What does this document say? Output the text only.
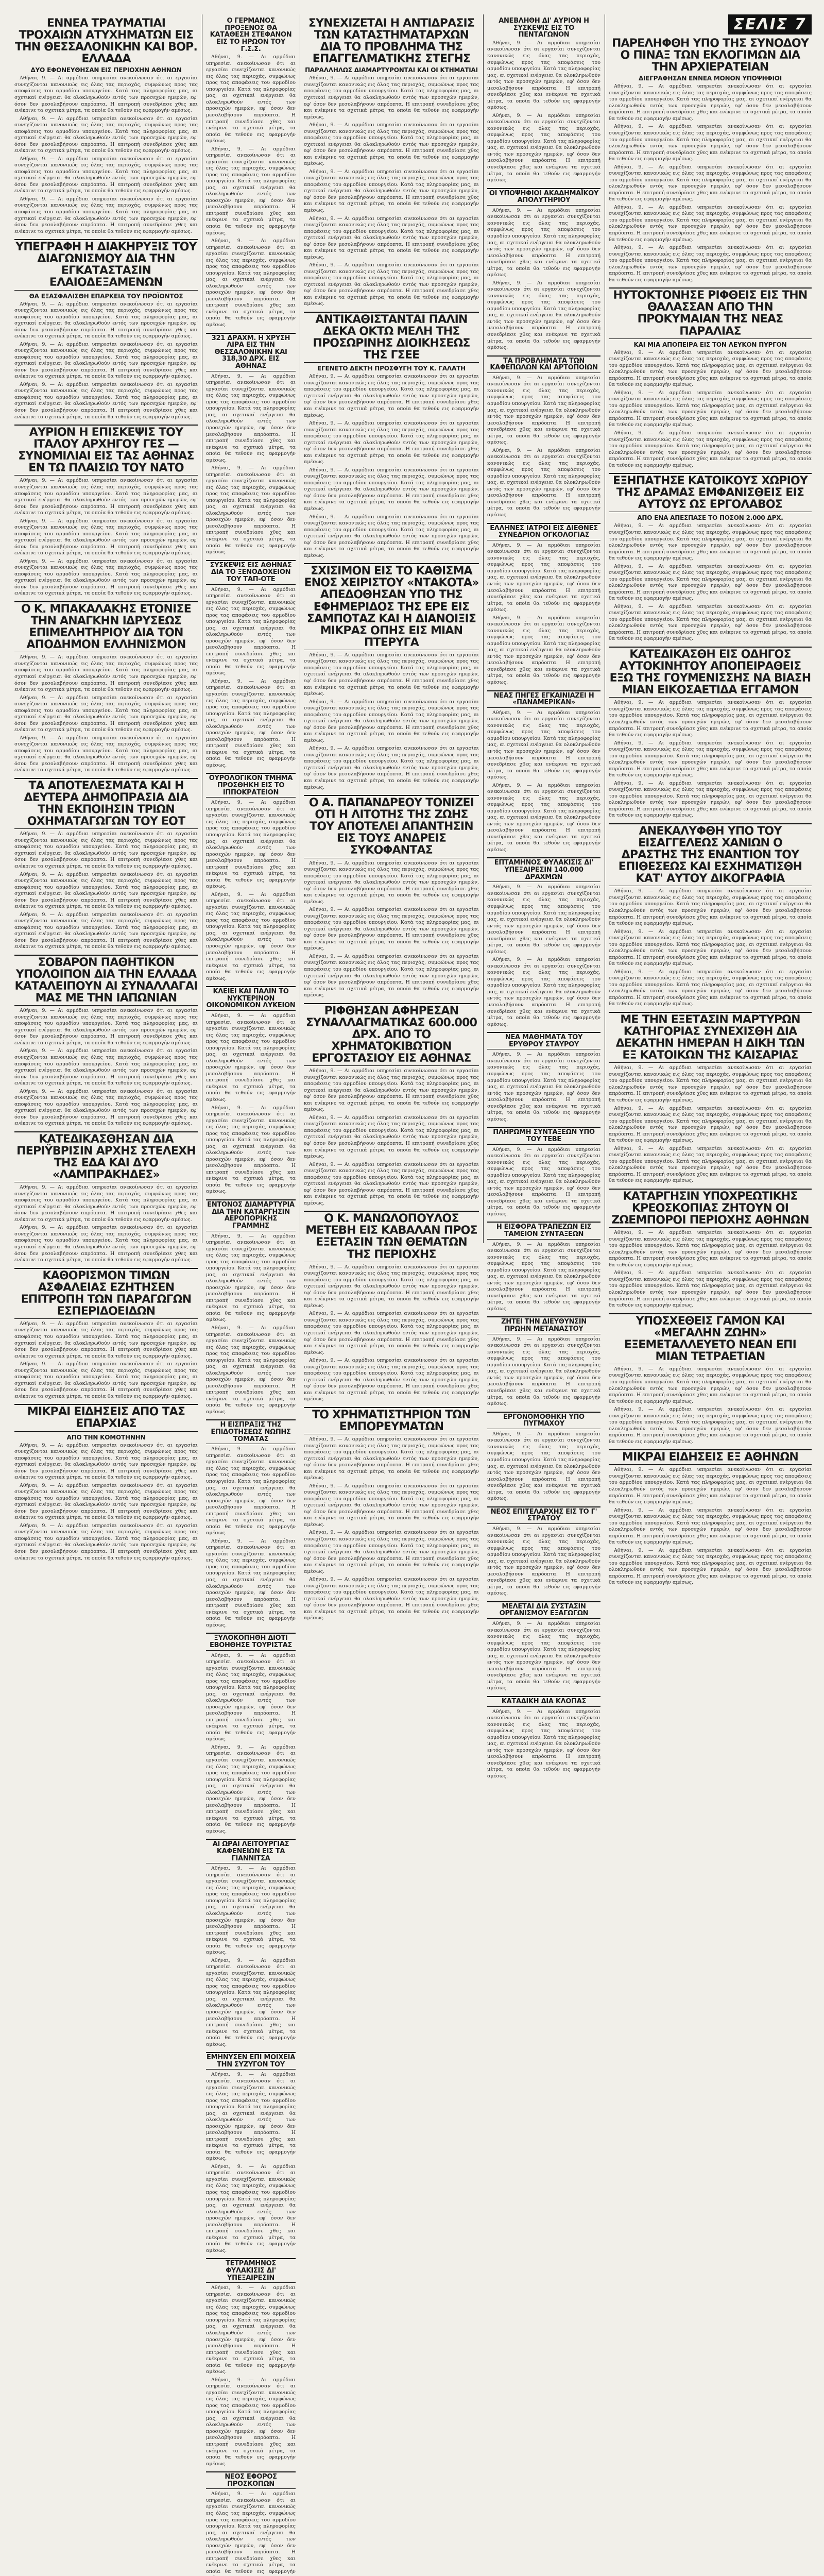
ΕΝΝΕΑ ΤΡΑΥΜΑΤΙΑΙ ΤΡΟΧΑΙΩΝ ΑΤΥΧΗΜΑΤΩΝ ΕΙΣ ΤΗΝ ΘΕΣΣΑΛΟΝΙΚΗΝ ΚΑΙ ΒΟΡ. ΕΛΛΑΔΑ
ΔΥΟ ΕΦΟΝΕΥΘΗΣΑΝ ΕΙΣ ΠΕΡΙΟΧΗΝ ΑΘΗΝΩΝ

Αθήναι, 9. — Αι αρμόδιαι υπηρεσίαι ανεκοίνωσαν ότι αι εργασίαι συνεχίζονται κανονικώς εις όλας τας περιοχάς, συμφώνως προς τας αποφάσεις του αρμοδίου υπουργείου. Κατά τας πληροφορίας μας, αι σχετικαί ενέργειαι θα ολοκληρωθούν εντός των προσεχών ημερών, εφ' όσον δεν μεσολαβήσουν απρόοπτα. Η επιτροπή συνεδρίασε χθες και ενέκρινε τα σχετικά μέτρα, τα οποία θα τεθούν εις εφαρμογήν αμέσως.

Αθήναι, 9. — Αι αρμόδιαι υπηρεσίαι ανεκοίνωσαν ότι αι εργασίαι συνεχίζονται κανονικώς εις όλας τας περιοχάς, συμφώνως προς τας αποφάσεις του αρμοδίου υπουργείου. Κατά τας πληροφορίας μας, αι σχετικαί ενέργειαι θα ολοκληρωθούν εντός των προσεχών ημερών, εφ' όσον δεν μεσολαβήσουν απρόοπτα. Η επιτροπή συνεδρίασε χθες και ενέκρινε τα σχετικά μέτρα, τα οποία θα τεθούν εις εφαρμογήν αμέσως.

Αθήναι, 9. — Αι αρμόδιαι υπηρεσίαι ανεκοίνωσαν ότι αι εργασίαι συνεχίζονται κανονικώς εις όλας τας περιοχάς, συμφώνως προς τας αποφάσεις του αρμοδίου υπουργείου. Κατά τας πληροφορίας μας, αι σχετικαί ενέργειαι θα ολοκληρωθούν εντός των προσεχών ημερών, εφ' όσον δεν μεσολαβήσουν απρόοπτα. Η επιτροπή συνεδρίασε χθες και ενέκρινε τα σχετικά μέτρα, τα οποία θα τεθούν εις εφαρμογήν αμέσως.

Αθήναι, 9. — Αι αρμόδιαι υπηρεσίαι ανεκοίνωσαν ότι αι εργασίαι συνεχίζονται κανονικώς εις όλας τας περιοχάς, συμφώνως προς τας αποφάσεις του αρμοδίου υπουργείου. Κατά τας πληροφορίας μας, αι σχετικαί ενέργειαι θα ολοκληρωθούν εντός των προσεχών ημερών, εφ' όσον δεν μεσολαβήσουν απρόοπτα. Η επιτροπή συνεδρίασε χθες και ενέκρινε τα σχετικά μέτρα, τα οποία θα τεθούν εις εφαρμογήν αμέσως.

ΥΠΕΓΡΑΦΗ Η ΔΙΑΚΗΡΥΞΙΣ ΤΟΥ ΔΙΑΓΩΝΙΣΜΟΥ ΔΙΑ ΤΗΝ ΕΓΚΑΤΑΣΤΑΣΙΝ ΕΛΑΙΟΔΕΞΑΜΕΝΩΝ
ΘΑ ΕΞΑΣΦΑΛΙΣΘΗ ΕΠΑΡΚΕΙΑ ΤΟΥ ΠΡΟΪΟΝΤΟΣ

Αθήναι, 9. — Αι αρμόδιαι υπηρεσίαι ανεκοίνωσαν ότι αι εργασίαι συνεχίζονται κανονικώς εις όλας τας περιοχάς, συμφώνως προς τας αποφάσεις του αρμοδίου υπουργείου. Κατά τας πληροφορίας μας, αι σχετικαί ενέργειαι θα ολοκληρωθούν εντός των προσεχών ημερών, εφ' όσον δεν μεσολαβήσουν απρόοπτα. Η επιτροπή συνεδρίασε χθες και ενέκρινε τα σχετικά μέτρα, τα οποία θα τεθούν εις εφαρμογήν αμέσως.

Αθήναι, 9. — Αι αρμόδιαι υπηρεσίαι ανεκοίνωσαν ότι αι εργασίαι συνεχίζονται κανονικώς εις όλας τας περιοχάς, συμφώνως προς τας αποφάσεις του αρμοδίου υπουργείου. Κατά τας πληροφορίας μας, αι σχετικαί ενέργειαι θα ολοκληρωθούν εντός των προσεχών ημερών, εφ' όσον δεν μεσολαβήσουν απρόοπτα. Η επιτροπή συνεδρίασε χθες και ενέκρινε τα σχετικά μέτρα, τα οποία θα τεθούν εις εφαρμογήν αμέσως.

Αθήναι, 9. — Αι αρμόδιαι υπηρεσίαι ανεκοίνωσαν ότι αι εργασίαι συνεχίζονται κανονικώς εις όλας τας περιοχάς, συμφώνως προς τας αποφάσεις του αρμοδίου υπουργείου. Κατά τας πληροφορίας μας, αι σχετικαί ενέργειαι θα ολοκληρωθούν εντός των προσεχών ημερών, εφ' όσον δεν μεσολαβήσουν απρόοπτα. Η επιτροπή συνεδρίασε χθες και ενέκρινε τα σχετικά μέτρα, τα οποία θα τεθούν εις εφαρμογήν αμέσως.

ΑΥΡΙΟΝ Η ΕΠΙΣΚΕΨΙΣ ΤΟΥ ΙΤΑΛΟΥ ΑΡΧΗΓΟΥ ΓΕΣ — ΣΥΝΟΜΙΛΙΑΙ ΕΙΣ ΤΑΣ ΑΘΗΝΑΣ ΕΝ ΤΩ ΠΛΑΙΣΙΩ ΤΟΥ ΝΑΤΟ

Αθήναι, 9. — Αι αρμόδιαι υπηρεσίαι ανεκοίνωσαν ότι αι εργασίαι συνεχίζονται κανονικώς εις όλας τας περιοχάς, συμφώνως προς τας αποφάσεις του αρμοδίου υπουργείου. Κατά τας πληροφορίας μας, αι σχετικαί ενέργειαι θα ολοκληρωθούν εντός των προσεχών ημερών, εφ' όσον δεν μεσολαβήσουν απρόοπτα. Η επιτροπή συνεδρίασε χθες και ενέκρινε τα σχετικά μέτρα, τα οποία θα τεθούν εις εφαρμογήν αμέσως.

Αθήναι, 9. — Αι αρμόδιαι υπηρεσίαι ανεκοίνωσαν ότι αι εργασίαι συνεχίζονται κανονικώς εις όλας τας περιοχάς, συμφώνως προς τας αποφάσεις του αρμοδίου υπουργείου. Κατά τας πληροφορίας μας, αι σχετικαί ενέργειαι θα ολοκληρωθούν εντός των προσεχών ημερών, εφ' όσον δεν μεσολαβήσουν απρόοπτα. Η επιτροπή συνεδρίασε χθες και ενέκρινε τα σχετικά μέτρα, τα οποία θα τεθούν εις εφαρμογήν αμέσως.

Αθήναι, 9. — Αι αρμόδιαι υπηρεσίαι ανεκοίνωσαν ότι αι εργασίαι συνεχίζονται κανονικώς εις όλας τας περιοχάς, συμφώνως προς τας αποφάσεις του αρμοδίου υπουργείου. Κατά τας πληροφορίας μας, αι σχετικαί ενέργειαι θα ολοκληρωθούν εντός των προσεχών ημερών, εφ' όσον δεν μεσολαβήσουν απρόοπτα. Η επιτροπή συνεδρίασε χθες και ενέκρινε τα σχετικά μέτρα, τα οποία θα τεθούν εις εφαρμογήν αμέσως.

Ο Κ. ΜΠΑΚΑΛΑΚΗΣ ΕΤΟΝΙΣΕ ΤΗΝ ΑΝΑΓΚΗΝ ΙΔΡΥΣΕΩΣ ΕΠΙΜΕΛΗΤΗΡΙΟΥ ΔΙΑ ΤΟΝ ΑΠΟΔΗΜΟΝ ΕΛΛΗΝΙΣΜΟΝ

Αθήναι, 9. — Αι αρμόδιαι υπηρεσίαι ανεκοίνωσαν ότι αι εργασίαι συνεχίζονται κανονικώς εις όλας τας περιοχάς, συμφώνως προς τας αποφάσεις του αρμοδίου υπουργείου. Κατά τας πληροφορίας μας, αι σχετικαί ενέργειαι θα ολοκληρωθούν εντός των προσεχών ημερών, εφ' όσον δεν μεσολαβήσουν απρόοπτα. Η επιτροπή συνεδρίασε χθες και ενέκρινε τα σχετικά μέτρα, τα οποία θα τεθούν εις εφαρμογήν αμέσως.

Αθήναι, 9. — Αι αρμόδιαι υπηρεσίαι ανεκοίνωσαν ότι αι εργασίαι συνεχίζονται κανονικώς εις όλας τας περιοχάς, συμφώνως προς τας αποφάσεις του αρμοδίου υπουργείου. Κατά τας πληροφορίας μας, αι σχετικαί ενέργειαι θα ολοκληρωθούν εντός των προσεχών ημερών, εφ' όσον δεν μεσολαβήσουν απρόοπτα. Η επιτροπή συνεδρίασε χθες και ενέκρινε τα σχετικά μέτρα, τα οποία θα τεθούν εις εφαρμογήν αμέσως.

Αθήναι, 9. — Αι αρμόδιαι υπηρεσίαι ανεκοίνωσαν ότι αι εργασίαι συνεχίζονται κανονικώς εις όλας τας περιοχάς, συμφώνως προς τας αποφάσεις του αρμοδίου υπουργείου. Κατά τας πληροφορίας μας, αι σχετικαί ενέργειαι θα ολοκληρωθούν εντός των προσεχών ημερών, εφ' όσον δεν μεσολαβήσουν απρόοπτα. Η επιτροπή συνεδρίασε χθες και ενέκρινε τα σχετικά μέτρα, τα οποία θα τεθούν εις εφαρμογήν αμέσως.

ΤΑ ΑΠΟΤΕΛΕΣΜΑΤΑ ΚΑΙ Η ΔΕΥΤΕΡΑ ΔΗΜΟΠΡΑΣΙΑ ΔΙΑ ΤΗΝ ΕΚΠΟΙΗΣΙΝ ΤΡΙΩΝ ΟΧΗΜΑΤΑΓΩΓΩΝ ΤΟΥ ΕΟΤ

Αθήναι, 9. — Αι αρμόδιαι υπηρεσίαι ανεκοίνωσαν ότι αι εργασίαι συνεχίζονται κανονικώς εις όλας τας περιοχάς, συμφώνως προς τας αποφάσεις του αρμοδίου υπουργείου. Κατά τας πληροφορίας μας, αι σχετικαί ενέργειαι θα ολοκληρωθούν εντός των προσεχών ημερών, εφ' όσον δεν μεσολαβήσουν απρόοπτα. Η επιτροπή συνεδρίασε χθες και ενέκρινε τα σχετικά μέτρα, τα οποία θα τεθούν εις εφαρμογήν αμέσως.

Αθήναι, 9. — Αι αρμόδιαι υπηρεσίαι ανεκοίνωσαν ότι αι εργασίαι συνεχίζονται κανονικώς εις όλας τας περιοχάς, συμφώνως προς τας αποφάσεις του αρμοδίου υπουργείου. Κατά τας πληροφορίας μας, αι σχετικαί ενέργειαι θα ολοκληρωθούν εντός των προσεχών ημερών, εφ' όσον δεν μεσολαβήσουν απρόοπτα. Η επιτροπή συνεδρίασε χθες και ενέκρινε τα σχετικά μέτρα, τα οποία θα τεθούν εις εφαρμογήν αμέσως.

Αθήναι, 9. — Αι αρμόδιαι υπηρεσίαι ανεκοίνωσαν ότι αι εργασίαι συνεχίζονται κανονικώς εις όλας τας περιοχάς, συμφώνως προς τας αποφάσεις του αρμοδίου υπουργείου. Κατά τας πληροφορίας μας, αι σχετικαί ενέργειαι θα ολοκληρωθούν εντός των προσεχών ημερών, εφ' όσον δεν μεσολαβήσουν απρόοπτα. Η επιτροπή συνεδρίασε χθες και ενέκρινε τα σχετικά μέτρα, τα οποία θα τεθούν εις εφαρμογήν αμέσως.

ΣΟΒΑΡΟΝ ΠΑΘΗΤΙΚΟΝ ΥΠΟΛΟΙΠΟΝ ΔΙΑ ΤΗΝ ΕΛΛΑΔΑ ΚΑΤΑΛΕΙΠΟΥΝ ΑΙ ΣΥΝΑΛΛΑΓΑΙ ΜΑΣ ΜΕ ΤΗΝ ΙΑΠΩΝΙΑΝ

Αθήναι, 9. — Αι αρμόδιαι υπηρεσίαι ανεκοίνωσαν ότι αι εργασίαι συνεχίζονται κανονικώς εις όλας τας περιοχάς, συμφώνως προς τας αποφάσεις του αρμοδίου υπουργείου. Κατά τας πληροφορίας μας, αι σχετικαί ενέργειαι θα ολοκληρωθούν εντός των προσεχών ημερών, εφ' όσον δεν μεσολαβήσουν απρόοπτα. Η επιτροπή συνεδρίασε χθες και ενέκρινε τα σχετικά μέτρα, τα οποία θα τεθούν εις εφαρμογήν αμέσως.

Αθήναι, 9. — Αι αρμόδιαι υπηρεσίαι ανεκοίνωσαν ότι αι εργασίαι συνεχίζονται κανονικώς εις όλας τας περιοχάς, συμφώνως προς τας αποφάσεις του αρμοδίου υπουργείου. Κατά τας πληροφορίας μας, αι σχετικαί ενέργειαι θα ολοκληρωθούν εντός των προσεχών ημερών, εφ' όσον δεν μεσολαβήσουν απρόοπτα. Η επιτροπή συνεδρίασε χθες και ενέκρινε τα σχετικά μέτρα, τα οποία θα τεθούν εις εφαρμογήν αμέσως.

Αθήναι, 9. — Αι αρμόδιαι υπηρεσίαι ανεκοίνωσαν ότι αι εργασίαι συνεχίζονται κανονικώς εις όλας τας περιοχάς, συμφώνως προς τας αποφάσεις του αρμοδίου υπουργείου. Κατά τας πληροφορίας μας, αι σχετικαί ενέργειαι θα ολοκληρωθούν εντός των προσεχών ημερών, εφ' όσον δεν μεσολαβήσουν απρόοπτα. Η επιτροπή συνεδρίασε χθες και ενέκρινε τα σχετικά μέτρα, τα οποία θα τεθούν εις εφαρμογήν αμέσως.

ΚΑΤΕΔΙΚΑΣΘΗΣΑΝ ΔΙΑ ΠΕΡΙΫΒΡΙΣΙΝ ΑΡΧΗΣ ΣΤΕΛΕΧΗ ΤΗΣ ΕΔΑ ΚΑΙ ΔΥΟ «ΛΑΜΠΡΑΚΗΔΕΣ»

Αθήναι, 9. — Αι αρμόδιαι υπηρεσίαι ανεκοίνωσαν ότι αι εργασίαι συνεχίζονται κανονικώς εις όλας τας περιοχάς, συμφώνως προς τας αποφάσεις του αρμοδίου υπουργείου. Κατά τας πληροφορίας μας, αι σχετικαί ενέργειαι θα ολοκληρωθούν εντός των προσεχών ημερών, εφ' όσον δεν μεσολαβήσουν απρόοπτα. Η επιτροπή συνεδρίασε χθες και ενέκρινε τα σχετικά μέτρα, τα οποία θα τεθούν εις εφαρμογήν αμέσως.

Αθήναι, 9. — Αι αρμόδιαι υπηρεσίαι ανεκοίνωσαν ότι αι εργασίαι συνεχίζονται κανονικώς εις όλας τας περιοχάς, συμφώνως προς τας αποφάσεις του αρμοδίου υπουργείου. Κατά τας πληροφορίας μας, αι σχετικαί ενέργειαι θα ολοκληρωθούν εντός των προσεχών ημερών, εφ' όσον δεν μεσολαβήσουν απρόοπτα. Η επιτροπή συνεδρίασε χθες και ενέκρινε τα σχετικά μέτρα, τα οποία θα τεθούν εις εφαρμογήν αμέσως.

ΚΑΘΟΡΙΣΜΟΝ ΤΙΜΩΝ ΑΣΦΑΛΕΙΑΣ ΕΖΗΤΗΣΕΝ ΕΠΙΤΡΟΠΗ ΤΩΝ ΠΑΡΑΓΩΓΩΝ ΕΣΠΕΡΙΔΟΕΙΔΩΝ

Αθήναι, 9. — Αι αρμόδιαι υπηρεσίαι ανεκοίνωσαν ότι αι εργασίαι συνεχίζονται κανονικώς εις όλας τας περιοχάς, συμφώνως προς τας αποφάσεις του αρμοδίου υπουργείου. Κατά τας πληροφορίας μας, αι σχετικαί ενέργειαι θα ολοκληρωθούν εντός των προσεχών ημερών, εφ' όσον δεν μεσολαβήσουν απρόοπτα. Η επιτροπή συνεδρίασε χθες και ενέκρινε τα σχετικά μέτρα, τα οποία θα τεθούν εις εφαρμογήν αμέσως.

Αθήναι, 9. — Αι αρμόδιαι υπηρεσίαι ανεκοίνωσαν ότι αι εργασίαι συνεχίζονται κανονικώς εις όλας τας περιοχάς, συμφώνως προς τας αποφάσεις του αρμοδίου υπουργείου. Κατά τας πληροφορίας μας, αι σχετικαί ενέργειαι θα ολοκληρωθούν εντός των προσεχών ημερών, εφ' όσον δεν μεσολαβήσουν απρόοπτα. Η επιτροπή συνεδρίασε χθες και ενέκρινε τα σχετικά μέτρα, τα οποία θα τεθούν εις εφαρμογήν αμέσως.

ΜΙΚΡΑΙ ΕΙΔΗΣΕΙΣ ΑΠΟ ΤΑΣ ΕΠΑΡΧΙΑΣ
ΑΠΟ ΤΗΝ ΚΟΜΟΤΗΝΗΝ

Αθήναι, 9. — Αι αρμόδιαι υπηρεσίαι ανεκοίνωσαν ότι αι εργασίαι συνεχίζονται κανονικώς εις όλας τας περιοχάς, συμφώνως προς τας αποφάσεις του αρμοδίου υπουργείου. Κατά τας πληροφορίας μας, αι σχετικαί ενέργειαι θα ολοκληρωθούν εντός των προσεχών ημερών, εφ' όσον δεν μεσολαβήσουν απρόοπτα. Η επιτροπή συνεδρίασε χθες και ενέκρινε τα σχετικά μέτρα, τα οποία θα τεθούν εις εφαρμογήν αμέσως.

Αθήναι, 9. — Αι αρμόδιαι υπηρεσίαι ανεκοίνωσαν ότι αι εργασίαι συνεχίζονται κανονικώς εις όλας τας περιοχάς, συμφώνως προς τας αποφάσεις του αρμοδίου υπουργείου. Κατά τας πληροφορίας μας, αι σχετικαί ενέργειαι θα ολοκληρωθούν εντός των προσεχών ημερών, εφ' όσον δεν μεσολαβήσουν απρόοπτα. Η επιτροπή συνεδρίασε χθες και ενέκρινε τα σχετικά μέτρα, τα οποία θα τεθούν εις εφαρμογήν αμέσως.

Αθήναι, 9. — Αι αρμόδιαι υπηρεσίαι ανεκοίνωσαν ότι αι εργασίαι συνεχίζονται κανονικώς εις όλας τας περιοχάς, συμφώνως προς τας αποφάσεις του αρμοδίου υπουργείου. Κατά τας πληροφορίας μας, αι σχετικαί ενέργειαι θα ολοκληρωθούν εντός των προσεχών ημερών, εφ' όσον δεν μεσολαβήσουν απρόοπτα. Η επιτροπή συνεδρίασε χθες και ενέκρινε τα σχετικά μέτρα, τα οποία θα τεθούν εις εφαρμογήν αμέσως.

Ο ΓΕΡΜΑΝΟΣ ΠΡΟΞΕΝΟΣ ΘΑ ΚΑΤΑΘΕΣΗ ΣΤΕΦΑΝΟΝ ΕΙΣ ΤΟ ΗΡΩΟΝ ΤΟΥ Γ.Σ.Σ.

Αθήναι, 9. — Αι αρμόδιαι υπηρεσίαι ανεκοίνωσαν ότι αι εργασίαι συνεχίζονται κανονικώς εις όλας τας περιοχάς, συμφώνως προς τας αποφάσεις του αρμοδίου υπουργείου. Κατά τας πληροφορίας μας, αι σχετικαί ενέργειαι θα ολοκληρωθούν εντός των προσεχών ημερών, εφ' όσον δεν μεσολαβήσουν απρόοπτα. Η επιτροπή συνεδρίασε χθες και ενέκρινε τα σχετικά μέτρα, τα οποία θα τεθούν εις εφαρμογήν αμέσως.

Αθήναι, 9. — Αι αρμόδιαι υπηρεσίαι ανεκοίνωσαν ότι αι εργασίαι συνεχίζονται κανονικώς εις όλας τας περιοχάς, συμφώνως προς τας αποφάσεις του αρμοδίου υπουργείου. Κατά τας πληροφορίας μας, αι σχετικαί ενέργειαι θα ολοκληρωθούν εντός των προσεχών ημερών, εφ' όσον δεν μεσολαβήσουν απρόοπτα. Η επιτροπή συνεδρίασε χθες και ενέκρινε τα σχετικά μέτρα, τα οποία θα τεθούν εις εφαρμογήν αμέσως.

Αθήναι, 9. — Αι αρμόδιαι υπηρεσίαι ανεκοίνωσαν ότι αι εργασίαι συνεχίζονται κανονικώς εις όλας τας περιοχάς, συμφώνως προς τας αποφάσεις του αρμοδίου υπουργείου. Κατά τας πληροφορίας μας, αι σχετικαί ενέργειαι θα ολοκληρωθούν εντός των προσεχών ημερών, εφ' όσον δεν μεσολαβήσουν απρόοπτα. Η επιτροπή συνεδρίασε χθες και ενέκρινε τα σχετικά μέτρα, τα οποία θα τεθούν εις εφαρμογήν αμέσως.

321 ΔΡΑΧΜ. Η ΧΡΥΣΗ ΛΙΡΑ ΕΙΣ ΤΗΝ ΘΕΣΣΑΛΟΝΙΚΗΝ ΚΑΙ 318,30 ΔΡΧ. ΕΙΣ ΑΘΗΝΑΣ

Αθήναι, 9. — Αι αρμόδιαι υπηρεσίαι ανεκοίνωσαν ότι αι εργασίαι συνεχίζονται κανονικώς εις όλας τας περιοχάς, συμφώνως προς τας αποφάσεις του αρμοδίου υπουργείου. Κατά τας πληροφορίας μας, αι σχετικαί ενέργειαι θα ολοκληρωθούν εντός των προσεχών ημερών, εφ' όσον δεν μεσολαβήσουν απρόοπτα. Η επιτροπή συνεδρίασε χθες και ενέκρινε τα σχετικά μέτρα, τα οποία θα τεθούν εις εφαρμογήν αμέσως.

Αθήναι, 9. — Αι αρμόδιαι υπηρεσίαι ανεκοίνωσαν ότι αι εργασίαι συνεχίζονται κανονικώς εις όλας τας περιοχάς, συμφώνως προς τας αποφάσεις του αρμοδίου υπουργείου. Κατά τας πληροφορίας μας, αι σχετικαί ενέργειαι θα ολοκληρωθούν εντός των προσεχών ημερών, εφ' όσον δεν μεσολαβήσουν απρόοπτα. Η επιτροπή συνεδρίασε χθες και ενέκρινε τα σχετικά μέτρα, τα οποία θα τεθούν εις εφαρμογήν αμέσως.

ΣΥΣΚΕΨΙΣ ΕΙΣ ΑΘΗΝΑΣ ΔΙΑ ΤΟ ΞΕΝΟΔΟΧΕΙΟΝ ΤΟΥ ΤΑΠ-ΟΤΕ

Αθήναι, 9. — Αι αρμόδιαι υπηρεσίαι ανεκοίνωσαν ότι αι εργασίαι συνεχίζονται κανονικώς εις όλας τας περιοχάς, συμφώνως προς τας αποφάσεις του αρμοδίου υπουργείου. Κατά τας πληροφορίας μας, αι σχετικαί ενέργειαι θα ολοκληρωθούν εντός των προσεχών ημερών, εφ' όσον δεν μεσολαβήσουν απρόοπτα. Η επιτροπή συνεδρίασε χθες και ενέκρινε τα σχετικά μέτρα, τα οποία θα τεθούν εις εφαρμογήν αμέσως.

Αθήναι, 9. — Αι αρμόδιαι υπηρεσίαι ανεκοίνωσαν ότι αι εργασίαι συνεχίζονται κανονικώς εις όλας τας περιοχάς, συμφώνως προς τας αποφάσεις του αρμοδίου υπουργείου. Κατά τας πληροφορίας μας, αι σχετικαί ενέργειαι θα ολοκληρωθούν εντός των προσεχών ημερών, εφ' όσον δεν μεσολαβήσουν απρόοπτα. Η επιτροπή συνεδρίασε χθες και ενέκρινε τα σχετικά μέτρα, τα οποία θα τεθούν εις εφαρμογήν αμέσως.

ΟΥΡΟΛΟΓΙΚΟΝ ΤΜΗΜΑ ΠΡΟΣΘΗΚΗ ΕΙΣ ΤΟ ΙΠΠΟΚΡΑΤΕΙΟΝ

Αθήναι, 9. — Αι αρμόδιαι υπηρεσίαι ανεκοίνωσαν ότι αι εργασίαι συνεχίζονται κανονικώς εις όλας τας περιοχάς, συμφώνως προς τας αποφάσεις του αρμοδίου υπουργείου. Κατά τας πληροφορίας μας, αι σχετικαί ενέργειαι θα ολοκληρωθούν εντός των προσεχών ημερών, εφ' όσον δεν μεσολαβήσουν απρόοπτα. Η επιτροπή συνεδρίασε χθες και ενέκρινε τα σχετικά μέτρα, τα οποία θα τεθούν εις εφαρμογήν αμέσως.

Αθήναι, 9. — Αι αρμόδιαι υπηρεσίαι ανεκοίνωσαν ότι αι εργασίαι συνεχίζονται κανονικώς εις όλας τας περιοχάς, συμφώνως προς τας αποφάσεις του αρμοδίου υπουργείου. Κατά τας πληροφορίας μας, αι σχετικαί ενέργειαι θα ολοκληρωθούν εντός των προσεχών ημερών, εφ' όσον δεν μεσολαβήσουν απρόοπτα. Η επιτροπή συνεδρίασε χθες και ενέκρινε τα σχετικά μέτρα, τα οποία θα τεθούν εις εφαρμογήν αμέσως.

ΚΛΕΙΕΙ ΚΑΙ ΠΑΛΙΝ ΤΟ ΝΥΚΤΕΡΙΝΟΝ ΟΙΚΟΝΟΜΙΚΟΝ ΛΥΚΕΙΟΝ

Αθήναι, 9. — Αι αρμόδιαι υπηρεσίαι ανεκοίνωσαν ότι αι εργασίαι συνεχίζονται κανονικώς εις όλας τας περιοχάς, συμφώνως προς τας αποφάσεις του αρμοδίου υπουργείου. Κατά τας πληροφορίας μας, αι σχετικαί ενέργειαι θα ολοκληρωθούν εντός των προσεχών ημερών, εφ' όσον δεν μεσολαβήσουν απρόοπτα. Η επιτροπή συνεδρίασε χθες και ενέκρινε τα σχετικά μέτρα, τα οποία θα τεθούν εις εφαρμογήν αμέσως.

Αθήναι, 9. — Αι αρμόδιαι υπηρεσίαι ανεκοίνωσαν ότι αι εργασίαι συνεχίζονται κανονικώς εις όλας τας περιοχάς, συμφώνως προς τας αποφάσεις του αρμοδίου υπουργείου. Κατά τας πληροφορίας μας, αι σχετικαί ενέργειαι θα ολοκληρωθούν εντός των προσεχών ημερών, εφ' όσον δεν μεσολαβήσουν απρόοπτα. Η επιτροπή συνεδρίασε χθες και ενέκρινε τα σχετικά μέτρα, τα οποία θα τεθούν εις εφαρμογήν αμέσως.

ΕΝΤΟΝΟΣ ΔΙΑΜΑΡΤΥΡΙΑ ΔΙΑ ΤΗΝ ΚΑΤΑΡΓΗΣΙΝ ΑΕΡΟΠΟΡΙΚΗΣ ΓΡΑΜΜΗΣ

Αθήναι, 9. — Αι αρμόδιαι υπηρεσίαι ανεκοίνωσαν ότι αι εργασίαι συνεχίζονται κανονικώς εις όλας τας περιοχάς, συμφώνως προς τας αποφάσεις του αρμοδίου υπουργείου. Κατά τας πληροφορίας μας, αι σχετικαί ενέργειαι θα ολοκληρωθούν εντός των προσεχών ημερών, εφ' όσον δεν μεσολαβήσουν απρόοπτα. Η επιτροπή συνεδρίασε χθες και ενέκρινε τα σχετικά μέτρα, τα οποία θα τεθούν εις εφαρμογήν αμέσως.

Αθήναι, 9. — Αι αρμόδιαι υπηρεσίαι ανεκοίνωσαν ότι αι εργασίαι συνεχίζονται κανονικώς εις όλας τας περιοχάς, συμφώνως προς τας αποφάσεις του αρμοδίου υπουργείου. Κατά τας πληροφορίας μας, αι σχετικαί ενέργειαι θα ολοκληρωθούν εντός των προσεχών ημερών, εφ' όσον δεν μεσολαβήσουν απρόοπτα. Η επιτροπή συνεδρίασε χθες και ενέκρινε τα σχετικά μέτρα, τα οποία θα τεθούν εις εφαρμογήν αμέσως.

Η ΕΙΣΠΡΑΞΙΣ ΤΗΣ ΕΠΙΔΟΤΗΣΕΩΣ ΝΩΠΗΣ ΤΟΜΑΤΑΣ

Αθήναι, 9. — Αι αρμόδιαι υπηρεσίαι ανεκοίνωσαν ότι αι εργασίαι συνεχίζονται κανονικώς εις όλας τας περιοχάς, συμφώνως προς τας αποφάσεις του αρμοδίου υπουργείου. Κατά τας πληροφορίας μας, αι σχετικαί ενέργειαι θα ολοκληρωθούν εντός των προσεχών ημερών, εφ' όσον δεν μεσολαβήσουν απρόοπτα. Η επιτροπή συνεδρίασε χθες και ενέκρινε τα σχετικά μέτρα, τα οποία θα τεθούν εις εφαρμογήν αμέσως.

Αθήναι, 9. — Αι αρμόδιαι υπηρεσίαι ανεκοίνωσαν ότι αι εργασίαι συνεχίζονται κανονικώς εις όλας τας περιοχάς, συμφώνως προς τας αποφάσεις του αρμοδίου υπουργείου. Κατά τας πληροφορίας μας, αι σχετικαί ενέργειαι θα ολοκληρωθούν εντός των προσεχών ημερών, εφ' όσον δεν μεσολαβήσουν απρόοπτα. Η επιτροπή συνεδρίασε χθες και ενέκρινε τα σχετικά μέτρα, τα οποία θα τεθούν εις εφαρμογήν αμέσως.

ΞΥΛΟΚΟΠΗΘΗ ΔΙΟΤΙ ΕΒΟΗΘΗΣΕ ΤΟΥΡΙΣΤΑΣ

Αθήναι, 9. — Αι αρμόδιαι υπηρεσίαι ανεκοίνωσαν ότι αι εργασίαι συνεχίζονται κανονικώς εις όλας τας περιοχάς, συμφώνως προς τας αποφάσεις του αρμοδίου υπουργείου. Κατά τας πληροφορίας μας, αι σχετικαί ενέργειαι θα ολοκληρωθούν εντός των προσεχών ημερών, εφ' όσον δεν μεσολαβήσουν απρόοπτα. Η επιτροπή συνεδρίασε χθες και ενέκρινε τα σχετικά μέτρα, τα οποία θα τεθούν εις εφαρμογήν αμέσως.

Αθήναι, 9. — Αι αρμόδιαι υπηρεσίαι ανεκοίνωσαν ότι αι εργασίαι συνεχίζονται κανονικώς εις όλας τας περιοχάς, συμφώνως προς τας αποφάσεις του αρμοδίου υπουργείου. Κατά τας πληροφορίας μας, αι σχετικαί ενέργειαι θα ολοκληρωθούν εντός των προσεχών ημερών, εφ' όσον δεν μεσολαβήσουν απρόοπτα. Η επιτροπή συνεδρίασε χθες και ενέκρινε τα σχετικά μέτρα, τα οποία θα τεθούν εις εφαρμογήν αμέσως.

ΑΙ ΩΡΑΙ ΛΕΙΤΟΥΡΓΙΑΣ ΚΑΦΕΝΕΙΩΝ ΕΙΣ ΤΑ ΓΙΑΝΝΙΤΣΑ

Αθήναι, 9. — Αι αρμόδιαι υπηρεσίαι ανεκοίνωσαν ότι αι εργασίαι συνεχίζονται κανονικώς εις όλας τας περιοχάς, συμφώνως προς τας αποφάσεις του αρμοδίου υπουργείου. Κατά τας πληροφορίας μας, αι σχετικαί ενέργειαι θα ολοκληρωθούν εντός των προσεχών ημερών, εφ' όσον δεν μεσολαβήσουν απρόοπτα. Η επιτροπή συνεδρίασε χθες και ενέκρινε τα σχετικά μέτρα, τα οποία θα τεθούν εις εφαρμογήν αμέσως.

Αθήναι, 9. — Αι αρμόδιαι υπηρεσίαι ανεκοίνωσαν ότι αι εργασίαι συνεχίζονται κανονικώς εις όλας τας περιοχάς, συμφώνως προς τας αποφάσεις του αρμοδίου υπουργείου. Κατά τας πληροφορίας μας, αι σχετικαί ενέργειαι θα ολοκληρωθούν εντός των προσεχών ημερών, εφ' όσον δεν μεσολαβήσουν απρόοπτα. Η επιτροπή συνεδρίασε χθες και ενέκρινε τα σχετικά μέτρα, τα οποία θα τεθούν εις εφαρμογήν αμέσως.

ΕΜΗΝΥΣΕΝ ΕΠΙ ΜΟΙΧΕΙΑ ΤΗΝ ΣΥΖΥΓΟΝ ΤΟΥ

Αθήναι, 9. — Αι αρμόδιαι υπηρεσίαι ανεκοίνωσαν ότι αι εργασίαι συνεχίζονται κανονικώς εις όλας τας περιοχάς, συμφώνως προς τας αποφάσεις του αρμοδίου υπουργείου. Κατά τας πληροφορίας μας, αι σχετικαί ενέργειαι θα ολοκληρωθούν εντός των προσεχών ημερών, εφ' όσον δεν μεσολαβήσουν απρόοπτα. Η επιτροπή συνεδρίασε χθες και ενέκρινε τα σχετικά μέτρα, τα οποία θα τεθούν εις εφαρμογήν αμέσως.

Αθήναι, 9. — Αι αρμόδιαι υπηρεσίαι ανεκοίνωσαν ότι αι εργασίαι συνεχίζονται κανονικώς εις όλας τας περιοχάς, συμφώνως προς τας αποφάσεις του αρμοδίου υπουργείου. Κατά τας πληροφορίας μας, αι σχετικαί ενέργειαι θα ολοκληρωθούν εντός των προσεχών ημερών, εφ' όσον δεν μεσολαβήσουν απρόοπτα. Η επιτροπή συνεδρίασε χθες και ενέκρινε τα σχετικά μέτρα, τα οποία θα τεθούν εις εφαρμογήν αμέσως.

ΤΕΤΡΑΜΗΝΟΣ ΦΥΛΑΚΙΣΙΣ ΔΙ' ΥΠΕΞΑΙΡΕΣΙΝ

Αθήναι, 9. — Αι αρμόδιαι υπηρεσίαι ανεκοίνωσαν ότι αι εργασίαι συνεχίζονται κανονικώς εις όλας τας περιοχάς, συμφώνως προς τας αποφάσεις του αρμοδίου υπουργείου. Κατά τας πληροφορίας μας, αι σχετικαί ενέργειαι θα ολοκληρωθούν εντός των προσεχών ημερών, εφ' όσον δεν μεσολαβήσουν απρόοπτα. Η επιτροπή συνεδρίασε χθες και ενέκρινε τα σχετικά μέτρα, τα οποία θα τεθούν εις εφαρμογήν αμέσως.

Αθήναι, 9. — Αι αρμόδιαι υπηρεσίαι ανεκοίνωσαν ότι αι εργασίαι συνεχίζονται κανονικώς εις όλας τας περιοχάς, συμφώνως προς τας αποφάσεις του αρμοδίου υπουργείου. Κατά τας πληροφορίας μας, αι σχετικαί ενέργειαι θα ολοκληρωθούν εντός των προσεχών ημερών, εφ' όσον δεν μεσολαβήσουν απρόοπτα. Η επιτροπή συνεδρίασε χθες και ενέκρινε τα σχετικά μέτρα, τα οποία θα τεθούν εις εφαρμογήν αμέσως.

ΝΕΟΣ ΕΦΟΡΟΣ ΠΡΟΣΚΟΠΩΝ

Αθήναι, 9. — Αι αρμόδιαι υπηρεσίαι ανεκοίνωσαν ότι αι εργασίαι συνεχίζονται κανονικώς εις όλας τας περιοχάς, συμφώνως προς τας αποφάσεις του αρμοδίου υπουργείου. Κατά τας πληροφορίας μας, αι σχετικαί ενέργειαι θα ολοκληρωθούν εντός των προσεχών ημερών, εφ' όσον δεν μεσολαβήσουν απρόοπτα. Η επιτροπή συνεδρίασε χθες και ενέκρινε τα σχετικά μέτρα, τα οποία θα τεθούν εις εφαρμογήν

ΣΥΝΕΧΙΖΕΤΑΙ Η ΑΝΤΙΔΡΑΣΙΣ ΤΩΝ ΚΑΤΑΣΤΗΜΑΤΑΡΧΩΝ ΔΙΑ ΤΟ ΠΡΟΒΛΗΜΑ ΤΗΣ ΕΠΑΓΓΕΛΜΑΤΙΚΗΣ ΣΤΕΓΗΣ
ΠΑΡΑΛΛΗΛΩΣ ΔΙΑΜΑΡΤΥΡΟΝΤΑΙ ΚΑΙ ΟΙ ΚΤΗΜΑΤΙΑΙ

Αθήναι, 9. — Αι αρμόδιαι υπηρεσίαι ανεκοίνωσαν ότι αι εργασίαι συνεχίζονται κανονικώς εις όλας τας περιοχάς, συμφώνως προς τας αποφάσεις του αρμοδίου υπουργείου. Κατά τας πληροφορίας μας, αι σχετικαί ενέργειαι θα ολοκληρωθούν εντός των προσεχών ημερών, εφ' όσον δεν μεσολαβήσουν απρόοπτα. Η επιτροπή συνεδρίασε χθες και ενέκρινε τα σχετικά μέτρα, τα οποία θα τεθούν εις εφαρμογήν αμέσως.

Αθήναι, 9. — Αι αρμόδιαι υπηρεσίαι ανεκοίνωσαν ότι αι εργασίαι συνεχίζονται κανονικώς εις όλας τας περιοχάς, συμφώνως προς τας αποφάσεις του αρμοδίου υπουργείου. Κατά τας πληροφορίας μας, αι σχετικαί ενέργειαι θα ολοκληρωθούν εντός των προσεχών ημερών, εφ' όσον δεν μεσολαβήσουν απρόοπτα. Η επιτροπή συνεδρίασε χθες και ενέκρινε τα σχετικά μέτρα, τα οποία θα τεθούν εις εφαρμογήν αμέσως.

Αθήναι, 9. — Αι αρμόδιαι υπηρεσίαι ανεκοίνωσαν ότι αι εργασίαι συνεχίζονται κανονικώς εις όλας τας περιοχάς, συμφώνως προς τας αποφάσεις του αρμοδίου υπουργείου. Κατά τας πληροφορίας μας, αι σχετικαί ενέργειαι θα ολοκληρωθούν εντός των προσεχών ημερών, εφ' όσον δεν μεσολαβήσουν απρόοπτα. Η επιτροπή συνεδρίασε χθες και ενέκρινε τα σχετικά μέτρα, τα οποία θα τεθούν εις εφαρμογήν αμέσως.

Αθήναι, 9. — Αι αρμόδιαι υπηρεσίαι ανεκοίνωσαν ότι αι εργασίαι συνεχίζονται κανονικώς εις όλας τας περιοχάς, συμφώνως προς τας αποφάσεις του αρμοδίου υπουργείου. Κατά τας πληροφορίας μας, αι σχετικαί ενέργειαι θα ολοκληρωθούν εντός των προσεχών ημερών, εφ' όσον δεν μεσολαβήσουν απρόοπτα. Η επιτροπή συνεδρίασε χθες και ενέκρινε τα σχετικά μέτρα, τα οποία θα τεθούν εις εφαρμογήν αμέσως.

Αθήναι, 9. — Αι αρμόδιαι υπηρεσίαι ανεκοίνωσαν ότι αι εργασίαι συνεχίζονται κανονικώς εις όλας τας περιοχάς, συμφώνως προς τας αποφάσεις του αρμοδίου υπουργείου. Κατά τας πληροφορίας μας, αι σχετικαί ενέργειαι θα ολοκληρωθούν εντός των προσεχών ημερών, εφ' όσον δεν μεσολαβήσουν απρόοπτα. Η επιτροπή συνεδρίασε χθες και ενέκρινε τα σχετικά μέτρα, τα οποία θα τεθούν εις εφαρμογήν αμέσως.

ΑΝΤΙΚΑΘΙΣΤΑΝΤΑΙ ΠΑΛΙΝ ΔΕΚΑ ΟΚΤΩ ΜΕΛΗ ΤΗΣ ΠΡΟΣΩΡΙΝΗΣ ΔΙΟΙΚΗΣΕΩΣ ΤΗΣ ΓΣΕΕ
ΕΓΕΝΕΤΟ ΔΕΚΤΗ ΠΡΟΣΦΥΓΗ ΤΟΥ Κ. ΓΑΛΑΤΗ

Αθήναι, 9. — Αι αρμόδιαι υπηρεσίαι ανεκοίνωσαν ότι αι εργασίαι συνεχίζονται κανονικώς εις όλας τας περιοχάς, συμφώνως προς τας αποφάσεις του αρμοδίου υπουργείου. Κατά τας πληροφορίας μας, αι σχετικαί ενέργειαι θα ολοκληρωθούν εντός των προσεχών ημερών, εφ' όσον δεν μεσολαβήσουν απρόοπτα. Η επιτροπή συνεδρίασε χθες και ενέκρινε τα σχετικά μέτρα, τα οποία θα τεθούν εις εφαρμογήν αμέσως.

Αθήναι, 9. — Αι αρμόδιαι υπηρεσίαι ανεκοίνωσαν ότι αι εργασίαι συνεχίζονται κανονικώς εις όλας τας περιοχάς, συμφώνως προς τας αποφάσεις του αρμοδίου υπουργείου. Κατά τας πληροφορίας μας, αι σχετικαί ενέργειαι θα ολοκληρωθούν εντός των προσεχών ημερών, εφ' όσον δεν μεσολαβήσουν απρόοπτα. Η επιτροπή συνεδρίασε χθες και ενέκρινε τα σχετικά μέτρα, τα οποία θα τεθούν εις εφαρμογήν αμέσως.

Αθήναι, 9. — Αι αρμόδιαι υπηρεσίαι ανεκοίνωσαν ότι αι εργασίαι συνεχίζονται κανονικώς εις όλας τας περιοχάς, συμφώνως προς τας αποφάσεις του αρμοδίου υπουργείου. Κατά τας πληροφορίας μας, αι σχετικαί ενέργειαι θα ολοκληρωθούν εντός των προσεχών ημερών, εφ' όσον δεν μεσολαβήσουν απρόοπτα. Η επιτροπή συνεδρίασε χθες και ενέκρινε τα σχετικά μέτρα, τα οποία θα τεθούν εις εφαρμογήν αμέσως.

Αθήναι, 9. — Αι αρμόδιαι υπηρεσίαι ανεκοίνωσαν ότι αι εργασίαι συνεχίζονται κανονικώς εις όλας τας περιοχάς, συμφώνως προς τας αποφάσεις του αρμοδίου υπουργείου. Κατά τας πληροφορίας μας, αι σχετικαί ενέργειαι θα ολοκληρωθούν εντός των προσεχών ημερών, εφ' όσον δεν μεσολαβήσουν απρόοπτα. Η επιτροπή συνεδρίασε χθες και ενέκρινε τα σχετικά μέτρα, τα οποία θα τεθούν εις εφαρμογήν αμέσως.

ΣΧΙΣΙΜΟΝ ΕΙΣ ΤΟ ΚΑΘΙΣΜΑ ΕΝΟΣ ΧΕΙΡΙΣΤΟΥ «ΝΤΑΚΟΤΑ» ΑΠΕΔΟΘΗΣΑΝ ΥΠΟ ΤΗΣ ΕΦΗΜΕΡΙΔΟΣ ΤΗΣ ΕΡΕ ΕΙΣ ΣΑΜΠΟΤΑΖ ΚΑΙ Η ΔΙΑΝΟΙΞΙΣ ΜΙΚΡΑΣ ΟΠΗΣ ΕΙΣ ΜΙΑΝ ΠΤΕΡΥΓΑ

Αθήναι, 9. — Αι αρμόδιαι υπηρεσίαι ανεκοίνωσαν ότι αι εργασίαι συνεχίζονται κανονικώς εις όλας τας περιοχάς, συμφώνως προς τας αποφάσεις του αρμοδίου υπουργείου. Κατά τας πληροφορίας μας, αι σχετικαί ενέργειαι θα ολοκληρωθούν εντός των προσεχών ημερών, εφ' όσον δεν μεσολαβήσουν απρόοπτα. Η επιτροπή συνεδρίασε χθες και ενέκρινε τα σχετικά μέτρα, τα οποία θα τεθούν εις εφαρμογήν αμέσως.

Αθήναι, 9. — Αι αρμόδιαι υπηρεσίαι ανεκοίνωσαν ότι αι εργασίαι συνεχίζονται κανονικώς εις όλας τας περιοχάς, συμφώνως προς τας αποφάσεις του αρμοδίου υπουργείου. Κατά τας πληροφορίας μας, αι σχετικαί ενέργειαι θα ολοκληρωθούν εντός των προσεχών ημερών, εφ' όσον δεν μεσολαβήσουν απρόοπτα. Η επιτροπή συνεδρίασε χθες και ενέκρινε τα σχετικά μέτρα, τα οποία θα τεθούν εις εφαρμογήν αμέσως.

Αθήναι, 9. — Αι αρμόδιαι υπηρεσίαι ανεκοίνωσαν ότι αι εργασίαι συνεχίζονται κανονικώς εις όλας τας περιοχάς, συμφώνως προς τας αποφάσεις του αρμοδίου υπουργείου. Κατά τας πληροφορίας μας, αι σχετικαί ενέργειαι θα ολοκληρωθούν εντός των προσεχών ημερών, εφ' όσον δεν μεσολαβήσουν απρόοπτα. Η επιτροπή συνεδρίασε χθες και ενέκρινε τα σχετικά μέτρα, τα οποία θα τεθούν εις εφαρμογήν αμέσως.

Ο Α. ΠΑΠΑΝΔΡΕΟΥ ΤΟΝΙΖΕΙ ΟΤΙ Η ΛΙΤΟΤΗΣ ΤΗΣ ΖΩΗΣ ΤΟΥ ΑΠΟΤΕΛΕΙ ΑΠΑΝΤΗΣΙΝ ΕΙΣ ΤΟΥΣ ΑΝΔΡΕΙΣ ΣΥΚΟΦΑΝΤΑΣ

Αθήναι, 9. — Αι αρμόδιαι υπηρεσίαι ανεκοίνωσαν ότι αι εργασίαι συνεχίζονται κανονικώς εις όλας τας περιοχάς, συμφώνως προς τας αποφάσεις του αρμοδίου υπουργείου. Κατά τας πληροφορίας μας, αι σχετικαί ενέργειαι θα ολοκληρωθούν εντός των προσεχών ημερών, εφ' όσον δεν μεσολαβήσουν απρόοπτα. Η επιτροπή συνεδρίασε χθες και ενέκρινε τα σχετικά μέτρα, τα οποία θα τεθούν εις εφαρμογήν αμέσως.

Αθήναι, 9. — Αι αρμόδιαι υπηρεσίαι ανεκοίνωσαν ότι αι εργασίαι συνεχίζονται κανονικώς εις όλας τας περιοχάς, συμφώνως προς τας αποφάσεις του αρμοδίου υπουργείου. Κατά τας πληροφορίας μας, αι σχετικαί ενέργειαι θα ολοκληρωθούν εντός των προσεχών ημερών, εφ' όσον δεν μεσολαβήσουν απρόοπτα. Η επιτροπή συνεδρίασε χθες και ενέκρινε τα σχετικά μέτρα, τα οποία θα τεθούν εις εφαρμογήν αμέσως.

Αθήναι, 9. — Αι αρμόδιαι υπηρεσίαι ανεκοίνωσαν ότι αι εργασίαι συνεχίζονται κανονικώς εις όλας τας περιοχάς, συμφώνως προς τας αποφάσεις του αρμοδίου υπουργείου. Κατά τας πληροφορίας μας, αι σχετικαί ενέργειαι θα ολοκληρωθούν εντός των προσεχών ημερών, εφ' όσον δεν μεσολαβήσουν απρόοπτα. Η επιτροπή συνεδρίασε χθες και ενέκρινε τα σχετικά μέτρα, τα οποία θα τεθούν εις εφαρμογήν αμέσως.

ΡΙΦΘΗΣΑΝ ΑΦΗΡΕΣΑΝ ΣΥΝΑΛΛΑΓΜΑΤΙΚΑΣ 600.000 ΔΡΧ. ΑΠΟ ΤΟ ΧΡΗΜΑΤΟΚΙΒΩΤΙΟΝ ΕΡΓΟΣΤΑΣΙΟΥ ΕΙΣ ΑΘΗΝΑΣ

Αθήναι, 9. — Αι αρμόδιαι υπηρεσίαι ανεκοίνωσαν ότι αι εργασίαι συνεχίζονται κανονικώς εις όλας τας περιοχάς, συμφώνως προς τας αποφάσεις του αρμοδίου υπουργείου. Κατά τας πληροφορίας μας, αι σχετικαί ενέργειαι θα ολοκληρωθούν εντός των προσεχών ημερών, εφ' όσον δεν μεσολαβήσουν απρόοπτα. Η επιτροπή συνεδρίασε χθες και ενέκρινε τα σχετικά μέτρα, τα οποία θα τεθούν εις εφαρμογήν αμέσως.

Αθήναι, 9. — Αι αρμόδιαι υπηρεσίαι ανεκοίνωσαν ότι αι εργασίαι συνεχίζονται κανονικώς εις όλας τας περιοχάς, συμφώνως προς τας αποφάσεις του αρμοδίου υπουργείου. Κατά τας πληροφορίας μας, αι σχετικαί ενέργειαι θα ολοκληρωθούν εντός των προσεχών ημερών, εφ' όσον δεν μεσολαβήσουν απρόοπτα. Η επιτροπή συνεδρίασε χθες και ενέκρινε τα σχετικά μέτρα, τα οποία θα τεθούν εις εφαρμογήν αμέσως.

Αθήναι, 9. — Αι αρμόδιαι υπηρεσίαι ανεκοίνωσαν ότι αι εργασίαι συνεχίζονται κανονικώς εις όλας τας περιοχάς, συμφώνως προς τας αποφάσεις του αρμοδίου υπουργείου. Κατά τας πληροφορίας μας, αι σχετικαί ενέργειαι θα ολοκληρωθούν εντός των προσεχών ημερών, εφ' όσον δεν μεσολαβήσουν απρόοπτα. Η επιτροπή συνεδρίασε χθες και ενέκρινε τα σχετικά μέτρα, τα οποία θα τεθούν εις εφαρμογήν αμέσως.

Ο Κ. ΜΑΝΩΛΟΠΟΥΛΟΣ ΜΕΤΕΒΗ ΕΙΣ ΚΑΒΑΛΑΝ ΠΡΟΣ ΕΞΕΤΑΣΙΝ ΤΩΝ ΘΕΜΑΤΩΝ ΤΗΣ ΠΕΡΙΟΧΗΣ

Αθήναι, 9. — Αι αρμόδιαι υπηρεσίαι ανεκοίνωσαν ότι αι εργασίαι συνεχίζονται κανονικώς εις όλας τας περιοχάς, συμφώνως προς τας αποφάσεις του αρμοδίου υπουργείου. Κατά τας πληροφορίας μας, αι σχετικαί ενέργειαι θα ολοκληρωθούν εντός των προσεχών ημερών, εφ' όσον δεν μεσολαβήσουν απρόοπτα. Η επιτροπή συνεδρίασε χθες και ενέκρινε τα σχετικά μέτρα, τα οποία θα τεθούν εις εφαρμογήν αμέσως.

Αθήναι, 9. — Αι αρμόδιαι υπηρεσίαι ανεκοίνωσαν ότι αι εργασίαι συνεχίζονται κανονικώς εις όλας τας περιοχάς, συμφώνως προς τας αποφάσεις του αρμοδίου υπουργείου. Κατά τας πληροφορίας μας, αι σχετικαί ενέργειαι θα ολοκληρωθούν εντός των προσεχών ημερών, εφ' όσον δεν μεσολαβήσουν απρόοπτα. Η επιτροπή συνεδρίασε χθες και ενέκρινε τα σχετικά μέτρα, τα οποία θα τεθούν εις εφαρμογήν αμέσως.

Αθήναι, 9. — Αι αρμόδιαι υπηρεσίαι ανεκοίνωσαν ότι αι εργασίαι συνεχίζονται κανονικώς εις όλας τας περιοχάς, συμφώνως προς τας αποφάσεις του αρμοδίου υπουργείου. Κατά τας πληροφορίας μας, αι σχετικαί ενέργειαι θα ολοκληρωθούν εντός των προσεχών ημερών, εφ' όσον δεν μεσολαβήσουν απρόοπτα. Η επιτροπή συνεδρίασε χθες και ενέκρινε τα σχετικά μέτρα, τα οποία θα τεθούν εις εφαρμογήν αμέσως.

ΤΟ ΧΡΗΜΑΤΙΣΤΗΡΙΟΝ ΤΩΝ ΕΜΠΟΡΕΥΜΑΤΩΝ

Αθήναι, 9. — Αι αρμόδιαι υπηρεσίαι ανεκοίνωσαν ότι αι εργασίαι συνεχίζονται κανονικώς εις όλας τας περιοχάς, συμφώνως προς τας αποφάσεις του αρμοδίου υπουργείου. Κατά τας πληροφορίας μας, αι σχετικαί ενέργειαι θα ολοκληρωθούν εντός των προσεχών ημερών, εφ' όσον δεν μεσολαβήσουν απρόοπτα. Η επιτροπή συνεδρίασε χθες και ενέκρινε τα σχετικά μέτρα, τα οποία θα τεθούν εις εφαρμογήν αμέσως.

Αθήναι, 9. — Αι αρμόδιαι υπηρεσίαι ανεκοίνωσαν ότι αι εργασίαι συνεχίζονται κανονικώς εις όλας τας περιοχάς, συμφώνως προς τας αποφάσεις του αρμοδίου υπουργείου. Κατά τας πληροφορίας μας, αι σχετικαί ενέργειαι θα ολοκληρωθούν εντός των προσεχών ημερών, εφ' όσον δεν μεσολαβήσουν απρόοπτα. Η επιτροπή συνεδρίασε χθες και ενέκρινε τα σχετικά μέτρα, τα οποία θα τεθούν εις εφαρμογήν αμέσως.

Αθήναι, 9. — Αι αρμόδιαι υπηρεσίαι ανεκοίνωσαν ότι αι εργασίαι συνεχίζονται κανονικώς εις όλας τας περιοχάς, συμφώνως προς τας αποφάσεις του αρμοδίου υπουργείου. Κατά τας πληροφορίας μας, αι σχετικαί ενέργειαι θα ολοκληρωθούν εντός των προσεχών ημερών, εφ' όσον δεν μεσολαβήσουν απρόοπτα. Η επιτροπή συνεδρίασε χθες και ενέκρινε τα σχετικά μέτρα, τα οποία θα τεθούν εις εφαρμογήν αμέσως.

Αθήναι, 9. — Αι αρμόδιαι υπηρεσίαι ανεκοίνωσαν ότι αι εργασίαι συνεχίζονται κανονικώς εις όλας τας περιοχάς, συμφώνως προς τας αποφάσεις του αρμοδίου υπουργείου. Κατά τας πληροφορίας μας, αι σχετικαί ενέργειαι θα ολοκληρωθούν εντός των προσεχών ημερών, εφ' όσον δεν μεσολαβήσουν απρόοπτα. Η επιτροπή συνεδρίασε χθες και ενέκρινε τα σχετικά μέτρα, τα οποία θα τεθούν εις εφαρμογήν αμέσως.

ΑΝΕΒΛΗΘΗ ΔΙ' ΑΥΡΙΟΝ Η ΣΥΣΚΕΨΙΣ ΕΙΣ ΤΟ ΠΕΝΤΑΓΩΝΟΝ

Αθήναι, 9. — Αι αρμόδιαι υπηρεσίαι ανεκοίνωσαν ότι αι εργασίαι συνεχίζονται κανονικώς εις όλας τας περιοχάς, συμφώνως προς τας αποφάσεις του αρμοδίου υπουργείου. Κατά τας πληροφορίας μας, αι σχετικαί ενέργειαι θα ολοκληρωθούν εντός των προσεχών ημερών, εφ' όσον δεν μεσολαβήσουν απρόοπτα. Η επιτροπή συνεδρίασε χθες και ενέκρινε τα σχετικά μέτρα, τα οποία θα τεθούν εις εφαρμογήν αμέσως.

Αθήναι, 9. — Αι αρμόδιαι υπηρεσίαι ανεκοίνωσαν ότι αι εργασίαι συνεχίζονται κανονικώς εις όλας τας περιοχάς, συμφώνως προς τας αποφάσεις του αρμοδίου υπουργείου. Κατά τας πληροφορίας μας, αι σχετικαί ενέργειαι θα ολοκληρωθούν εντός των προσεχών ημερών, εφ' όσον δεν μεσολαβήσουν απρόοπτα. Η επιτροπή συνεδρίασε χθες και ενέκρινε τα σχετικά μέτρα, τα οποία θα τεθούν εις εφαρμογήν αμέσως.

ΟΙ ΥΠΟΨΗΦΙΟΙ ΑΚΑΔΗΜΑΪΚΟΥ ΑΠΟΛΥΤΗΡΙΟΥ

Αθήναι, 9. — Αι αρμόδιαι υπηρεσίαι ανεκοίνωσαν ότι αι εργασίαι συνεχίζονται κανονικώς εις όλας τας περιοχάς, συμφώνως προς τας αποφάσεις του αρμοδίου υπουργείου. Κατά τας πληροφορίας μας, αι σχετικαί ενέργειαι θα ολοκληρωθούν εντός των προσεχών ημερών, εφ' όσον δεν μεσολαβήσουν απρόοπτα. Η επιτροπή συνεδρίασε χθες και ενέκρινε τα σχετικά μέτρα, τα οποία θα τεθούν εις εφαρμογήν αμέσως.

Αθήναι, 9. — Αι αρμόδιαι υπηρεσίαι ανεκοίνωσαν ότι αι εργασίαι συνεχίζονται κανονικώς εις όλας τας περιοχάς, συμφώνως προς τας αποφάσεις του αρμοδίου υπουργείου. Κατά τας πληροφορίας μας, αι σχετικαί ενέργειαι θα ολοκληρωθούν εντός των προσεχών ημερών, εφ' όσον δεν μεσολαβήσουν απρόοπτα. Η επιτροπή συνεδρίασε χθες και ενέκρινε τα σχετικά μέτρα, τα οποία θα τεθούν εις εφαρμογήν αμέσως.

ΤΑ ΠΡΟΒΛΗΜΑΤΑ ΤΩΝ ΚΑΦΕΠΩΛΩΝ ΚΑΙ ΑΡΤΟΠΟΙΩΝ

Αθήναι, 9. — Αι αρμόδιαι υπηρεσίαι ανεκοίνωσαν ότι αι εργασίαι συνεχίζονται κανονικώς εις όλας τας περιοχάς, συμφώνως προς τας αποφάσεις του αρμοδίου υπουργείου. Κατά τας πληροφορίας μας, αι σχετικαί ενέργειαι θα ολοκληρωθούν εντός των προσεχών ημερών, εφ' όσον δεν μεσολαβήσουν απρόοπτα. Η επιτροπή συνεδρίασε χθες και ενέκρινε τα σχετικά μέτρα, τα οποία θα τεθούν εις εφαρμογήν αμέσως.

Αθήναι, 9. — Αι αρμόδιαι υπηρεσίαι ανεκοίνωσαν ότι αι εργασίαι συνεχίζονται κανονικώς εις όλας τας περιοχάς, συμφώνως προς τας αποφάσεις του αρμοδίου υπουργείου. Κατά τας πληροφορίας μας, αι σχετικαί ενέργειαι θα ολοκληρωθούν εντός των προσεχών ημερών, εφ' όσον δεν μεσολαβήσουν απρόοπτα. Η επιτροπή συνεδρίασε χθες και ενέκρινε τα σχετικά μέτρα, τα οποία θα τεθούν εις εφαρμογήν αμέσως.

ΕΛΛΗΝΕΣ ΙΑΤΡΟΙ ΕΙΣ ΔΙΕΘΝΕΣ ΣΥΝΕΔΡΙΟΝ ΟΓΚΟΛΟΓΙΑΣ

Αθήναι, 9. — Αι αρμόδιαι υπηρεσίαι ανεκοίνωσαν ότι αι εργασίαι συνεχίζονται κανονικώς εις όλας τας περιοχάς, συμφώνως προς τας αποφάσεις του αρμοδίου υπουργείου. Κατά τας πληροφορίας μας, αι σχετικαί ενέργειαι θα ολοκληρωθούν εντός των προσεχών ημερών, εφ' όσον δεν μεσολαβήσουν απρόοπτα. Η επιτροπή συνεδρίασε χθες και ενέκρινε τα σχετικά μέτρα, τα οποία θα τεθούν εις εφαρμογήν αμέσως.

Αθήναι, 9. — Αι αρμόδιαι υπηρεσίαι ανεκοίνωσαν ότι αι εργασίαι συνεχίζονται κανονικώς εις όλας τας περιοχάς, συμφώνως προς τας αποφάσεις του αρμοδίου υπουργείου. Κατά τας πληροφορίας μας, αι σχετικαί ενέργειαι θα ολοκληρωθούν εντός των προσεχών ημερών, εφ' όσον δεν μεσολαβήσουν απρόοπτα. Η επιτροπή συνεδρίασε χθες και ενέκρινε τα σχετικά μέτρα, τα οποία θα τεθούν εις εφαρμογήν αμέσως.

ΝΕΑΣ ΠΗΓΕΣ ΕΓΚΑΙΝΙΑΖΕΙ Η «ΠΑΝΑΜΕΡΙΚΑΝ»

Αθήναι, 9. — Αι αρμόδιαι υπηρεσίαι ανεκοίνωσαν ότι αι εργασίαι συνεχίζονται κανονικώς εις όλας τας περιοχάς, συμφώνως προς τας αποφάσεις του αρμοδίου υπουργείου. Κατά τας πληροφορίας μας, αι σχετικαί ενέργειαι θα ολοκληρωθούν εντός των προσεχών ημερών, εφ' όσον δεν μεσολαβήσουν απρόοπτα. Η επιτροπή συνεδρίασε χθες και ενέκρινε τα σχετικά μέτρα, τα οποία θα τεθούν εις εφαρμογήν αμέσως.

Αθήναι, 9. — Αι αρμόδιαι υπηρεσίαι ανεκοίνωσαν ότι αι εργασίαι συνεχίζονται κανονικώς εις όλας τας περιοχάς, συμφώνως προς τας αποφάσεις του αρμοδίου υπουργείου. Κατά τας πληροφορίας μας, αι σχετικαί ενέργειαι θα ολοκληρωθούν εντός των προσεχών ημερών, εφ' όσον δεν μεσολαβήσουν απρόοπτα. Η επιτροπή συνεδρίασε χθες και ενέκρινε τα σχετικά μέτρα, τα οποία θα τεθούν εις εφαρμογήν αμέσως.

ΕΠΤΑΜΗΝΟΣ ΦΥΛΑΚΙΣΙΣ ΔΙ' ΥΠΕΞΑΙΡΕΣΙΝ 140.000 ΔΡΑΧΜΩΝ

Αθήναι, 9. — Αι αρμόδιαι υπηρεσίαι ανεκοίνωσαν ότι αι εργασίαι συνεχίζονται κανονικώς εις όλας τας περιοχάς, συμφώνως προς τας αποφάσεις του αρμοδίου υπουργείου. Κατά τας πληροφορίας μας, αι σχετικαί ενέργειαι θα ολοκληρωθούν εντός των προσεχών ημερών, εφ' όσον δεν μεσολαβήσουν απρόοπτα. Η επιτροπή συνεδρίασε χθες και ενέκρινε τα σχετικά μέτρα, τα οποία θα τεθούν εις εφαρμογήν αμέσως.

Αθήναι, 9. — Αι αρμόδιαι υπηρεσίαι ανεκοίνωσαν ότι αι εργασίαι συνεχίζονται κανονικώς εις όλας τας περιοχάς, συμφώνως προς τας αποφάσεις του αρμοδίου υπουργείου. Κατά τας πληροφορίας μας, αι σχετικαί ενέργειαι θα ολοκληρωθούν εντός των προσεχών ημερών, εφ' όσον δεν μεσολαβήσουν απρόοπτα. Η επιτροπή συνεδρίασε χθες και ενέκρινε τα σχετικά μέτρα, τα οποία θα τεθούν εις εφαρμογήν αμέσως.

ΝΕΑ ΜΑΘΗΜΑΤΑ ΤΟΥ ΕΡΥΘΡΟΥ ΣΤΑΥΡΟΥ

Αθήναι, 9. — Αι αρμόδιαι υπηρεσίαι ανεκοίνωσαν ότι αι εργασίαι συνεχίζονται κανονικώς εις όλας τας περιοχάς, συμφώνως προς τας αποφάσεις του αρμοδίου υπουργείου. Κατά τας πληροφορίας μας, αι σχετικαί ενέργειαι θα ολοκληρωθούν εντός των προσεχών ημερών, εφ' όσον δεν μεσολαβήσουν απρόοπτα. Η επιτροπή συνεδρίασε χθες και ενέκρινε τα σχετικά μέτρα, τα οποία θα τεθούν εις εφαρμογήν αμέσως.

ΠΛΗΡΩΜΗ ΣΥΝΤΑΞΕΩΝ ΥΠΟ ΤΟΥ ΤΕΒΕ

Αθήναι, 9. — Αι αρμόδιαι υπηρεσίαι ανεκοίνωσαν ότι αι εργασίαι συνεχίζονται κανονικώς εις όλας τας περιοχάς, συμφώνως προς τας αποφάσεις του αρμοδίου υπουργείου. Κατά τας πληροφορίας μας, αι σχετικαί ενέργειαι θα ολοκληρωθούν εντός των προσεχών ημερών, εφ' όσον δεν μεσολαβήσουν απρόοπτα. Η επιτροπή συνεδρίασε χθες και ενέκρινε τα σχετικά μέτρα, τα οποία θα τεθούν εις εφαρμογήν αμέσως.

Η ΕΙΣΦΟΡΑ ΤΡΑΠΕΖΩΝ ΕΙΣ ΤΑΜΕΙΟΝ ΣΥΝΤΑΞΕΩΝ

Αθήναι, 9. — Αι αρμόδιαι υπηρεσίαι ανεκοίνωσαν ότι αι εργασίαι συνεχίζονται κανονικώς εις όλας τας περιοχάς, συμφώνως προς τας αποφάσεις του αρμοδίου υπουργείου. Κατά τας πληροφορίας μας, αι σχετικαί ενέργειαι θα ολοκληρωθούν εντός των προσεχών ημερών, εφ' όσον δεν μεσολαβήσουν απρόοπτα. Η επιτροπή συνεδρίασε χθες και ενέκρινε τα σχετικά μέτρα, τα οποία θα τεθούν εις εφαρμογήν αμέσως.

ΖΗΤΕΙ ΤΗΝ ΔΙΕΥΘΥΝΣΙΝ ΠΡΩΗΝ ΜΕΤΑΝΑΣΤΟΥ

Αθήναι, 9. — Αι αρμόδιαι υπηρεσίαι ανεκοίνωσαν ότι αι εργασίαι συνεχίζονται κανονικώς εις όλας τας περιοχάς, συμφώνως προς τας αποφάσεις του αρμοδίου υπουργείου. Κατά τας πληροφορίας μας, αι σχετικαί ενέργειαι θα ολοκληρωθούν εντός των προσεχών ημερών, εφ' όσον δεν μεσολαβήσουν απρόοπτα. Η επιτροπή συνεδρίασε χθες και ενέκρινε τα σχετικά μέτρα, τα οποία θα τεθούν εις εφαρμογήν αμέσως.

ΕΡΓΟΝΟΜΟΘΗΚΗ ΥΠΟ ΠΥΓΜΑΧΟΥ

Αθήναι, 9. — Αι αρμόδιαι υπηρεσίαι ανεκοίνωσαν ότι αι εργασίαι συνεχίζονται κανονικώς εις όλας τας περιοχάς, συμφώνως προς τας αποφάσεις του αρμοδίου υπουργείου. Κατά τας πληροφορίας μας, αι σχετικαί ενέργειαι θα ολοκληρωθούν εντός των προσεχών ημερών, εφ' όσον δεν μεσολαβήσουν απρόοπτα. Η επιτροπή συνεδρίασε χθες και ενέκρινε τα σχετικά μέτρα, τα οποία θα τεθούν εις εφαρμογήν αμέσως.

ΝΕΟΣ ΕΠΙΤΕΛΑΡΧΗΣ ΕΙΣ ΤΟ Γ' ΣΤΡΑΤΟΥ

Αθήναι, 9. — Αι αρμόδιαι υπηρεσίαι ανεκοίνωσαν ότι αι εργασίαι συνεχίζονται κανονικώς εις όλας τας περιοχάς, συμφώνως προς τας αποφάσεις του αρμοδίου υπουργείου. Κατά τας πληροφορίας μας, αι σχετικαί ενέργειαι θα ολοκληρωθούν εντός των προσεχών ημερών, εφ' όσον δεν μεσολαβήσουν απρόοπτα. Η επιτροπή συνεδρίασε χθες και ενέκρινε τα σχετικά μέτρα, τα οποία θα τεθούν εις εφαρμογήν αμέσως.

ΜΕΛΕΤΑΙ ΔΙΑ ΣΥΣΤΑΣΙΝ ΟΡΓΑΝΙΣΜΟΥ ΕΞΑΓΩΓΩΝ

Αθήναι, 9. — Αι αρμόδιαι υπηρεσίαι ανεκοίνωσαν ότι αι εργασίαι συνεχίζονται κανονικώς εις όλας τας περιοχάς, συμφώνως προς τας αποφάσεις του αρμοδίου υπουργείου. Κατά τας πληροφορίας μας, αι σχετικαί ενέργειαι θα ολοκληρωθούν εντός των προσεχών ημερών, εφ' όσον δεν μεσολαβήσουν απρόοπτα. Η επιτροπή συνεδρίασε χθες και ενέκρινε τα σχετικά μέτρα, τα οποία θα τεθούν εις εφαρμογήν αμέσως.

ΚΑΤΑΔΙΚΗ ΔΙΑ ΚΛΟΠΑΣ

Αθήναι, 9. — Αι αρμόδιαι υπηρεσίαι ανεκοίνωσαν ότι αι εργασίαι συνεχίζονται κανονικώς εις όλας τας περιοχάς, συμφώνως προς τας αποφάσεις του αρμοδίου υπουργείου. Κατά τας πληροφορίας μας, αι σχετικαί ενέργειαι θα ολοκληρωθούν εντός των προσεχών ημερών, εφ' όσον δεν μεσολαβήσουν απρόοπτα. Η επιτροπή συνεδρίασε χθες και ενέκρινε τα σχετικά μέτρα, τα οποία θα τεθούν εις εφαρμογήν αμέσως.

ΣΕΛΙΣ 7
ΠΑΡΕΛΗΦΘΗ ΥΠΟ ΤΗΣ ΣΥΝΟΔΟΥ Ο ΠΙΝΑΞ ΤΩΝ ΕΚΛΟΓΙΜΩΝ ΔΙΑ ΤΗΝ ΑΡΧΙΕΡΑΤΕΙΑΝ
ΔΙΕΓΡΑΦΗΣΑΝ ΕΝΝΕΑ ΜΟΝΟΝ ΥΠΟΨΗΦΙΟΙ

Αθήναι, 9. — Αι αρμόδιαι υπηρεσίαι ανεκοίνωσαν ότι αι εργασίαι συνεχίζονται κανονικώς εις όλας τας περιοχάς, συμφώνως προς τας αποφάσεις του αρμοδίου υπουργείου. Κατά τας πληροφορίας μας, αι σχετικαί ενέργειαι θα ολοκληρωθούν εντός των προσεχών ημερών, εφ' όσον δεν μεσολαβήσουν απρόοπτα. Η επιτροπή συνεδρίασε χθες και ενέκρινε τα σχετικά μέτρα, τα οποία θα τεθούν εις εφαρμογήν αμέσως.

Αθήναι, 9. — Αι αρμόδιαι υπηρεσίαι ανεκοίνωσαν ότι αι εργασίαι συνεχίζονται κανονικώς εις όλας τας περιοχάς, συμφώνως προς τας αποφάσεις του αρμοδίου υπουργείου. Κατά τας πληροφορίας μας, αι σχετικαί ενέργειαι θα ολοκληρωθούν εντός των προσεχών ημερών, εφ' όσον δεν μεσολαβήσουν απρόοπτα. Η επιτροπή συνεδρίασε χθες και ενέκρινε τα σχετικά μέτρα, τα οποία θα τεθούν εις εφαρμογήν αμέσως.

Αθήναι, 9. — Αι αρμόδιαι υπηρεσίαι ανεκοίνωσαν ότι αι εργασίαι συνεχίζονται κανονικώς εις όλας τας περιοχάς, συμφώνως προς τας αποφάσεις του αρμοδίου υπουργείου. Κατά τας πληροφορίας μας, αι σχετικαί ενέργειαι θα ολοκληρωθούν εντός των προσεχών ημερών, εφ' όσον δεν μεσολαβήσουν απρόοπτα. Η επιτροπή συνεδρίασε χθες και ενέκρινε τα σχετικά μέτρα, τα οποία θα τεθούν εις εφαρμογήν αμέσως.

Αθήναι, 9. — Αι αρμόδιαι υπηρεσίαι ανεκοίνωσαν ότι αι εργασίαι συνεχίζονται κανονικώς εις όλας τας περιοχάς, συμφώνως προς τας αποφάσεις του αρμοδίου υπουργείου. Κατά τας πληροφορίας μας, αι σχετικαί ενέργειαι θα ολοκληρωθούν εντός των προσεχών ημερών, εφ' όσον δεν μεσολαβήσουν απρόοπτα. Η επιτροπή συνεδρίασε χθες και ενέκρινε τα σχετικά μέτρα, τα οποία θα τεθούν εις εφαρμογήν αμέσως.

Αθήναι, 9. — Αι αρμόδιαι υπηρεσίαι ανεκοίνωσαν ότι αι εργασίαι συνεχίζονται κανονικώς εις όλας τας περιοχάς, συμφώνως προς τας αποφάσεις του αρμοδίου υπουργείου. Κατά τας πληροφορίας μας, αι σχετικαί ενέργειαι θα ολοκληρωθούν εντός των προσεχών ημερών, εφ' όσον δεν μεσολαβήσουν απρόοπτα. Η επιτροπή συνεδρίασε χθες και ενέκρινε τα σχετικά μέτρα, τα οποία θα τεθούν εις εφαρμογήν αμέσως.

ΗΥΤΟΚΤΟΝΗΣΕ ΡΙΦΘΕΙΣ ΕΙΣ ΤΗΝ ΘΑΛΑΣΣΑΝ ΑΠΟ ΤΗΝ ΠΡΟΚΥΜΑΙΑΝ ΤΗΣ ΝΕΑΣ ΠΑΡΑΛΙΑΣ
ΚΑΙ ΜΙΑ ΑΠΟΠΕΙΡΑ ΕΙΣ ΤΟΝ ΛΕΥΚΟΝ ΠΥΡΓΟΝ

Αθήναι, 9. — Αι αρμόδιαι υπηρεσίαι ανεκοίνωσαν ότι αι εργασίαι συνεχίζονται κανονικώς εις όλας τας περιοχάς, συμφώνως προς τας αποφάσεις του αρμοδίου υπουργείου. Κατά τας πληροφορίας μας, αι σχετικαί ενέργειαι θα ολοκληρωθούν εντός των προσεχών ημερών, εφ' όσον δεν μεσολαβήσουν απρόοπτα. Η επιτροπή συνεδρίασε χθες και ενέκρινε τα σχετικά μέτρα, τα οποία θα τεθούν εις εφαρμογήν αμέσως.

Αθήναι, 9. — Αι αρμόδιαι υπηρεσίαι ανεκοίνωσαν ότι αι εργασίαι συνεχίζονται κανονικώς εις όλας τας περιοχάς, συμφώνως προς τας αποφάσεις του αρμοδίου υπουργείου. Κατά τας πληροφορίας μας, αι σχετικαί ενέργειαι θα ολοκληρωθούν εντός των προσεχών ημερών, εφ' όσον δεν μεσολαβήσουν απρόοπτα. Η επιτροπή συνεδρίασε χθες και ενέκρινε τα σχετικά μέτρα, τα οποία θα τεθούν εις εφαρμογήν αμέσως.

Αθήναι, 9. — Αι αρμόδιαι υπηρεσίαι ανεκοίνωσαν ότι αι εργασίαι συνεχίζονται κανονικώς εις όλας τας περιοχάς, συμφώνως προς τας αποφάσεις του αρμοδίου υπουργείου. Κατά τας πληροφορίας μας, αι σχετικαί ενέργειαι θα ολοκληρωθούν εντός των προσεχών ημερών, εφ' όσον δεν μεσολαβήσουν απρόοπτα. Η επιτροπή συνεδρίασε χθες και ενέκρινε τα σχετικά μέτρα, τα οποία θα τεθούν εις εφαρμογήν αμέσως.

ΕΞΗΠΑΤΗΣΕ ΚΑΤΟΙΚΟΥΣ ΧΩΡΙΟΥ ΤΗΣ ΔΡΑΜΑΣ ΕΜΦΑΝΙΣΘΕΙΣ ΕΙΣ ΑΥΤΟΥΣ ΩΣ ΕΡΓΟΛΑΒΟΣ
ΑΠΟ ΕΝΑ ΑΠΕΣΠΑΣΕ ΤΟ ΠΟΣΟΝ 2.000 ΔΡΧ.

Αθήναι, 9. — Αι αρμόδιαι υπηρεσίαι ανεκοίνωσαν ότι αι εργασίαι συνεχίζονται κανονικώς εις όλας τας περιοχάς, συμφώνως προς τας αποφάσεις του αρμοδίου υπουργείου. Κατά τας πληροφορίας μας, αι σχετικαί ενέργειαι θα ολοκληρωθούν εντός των προσεχών ημερών, εφ' όσον δεν μεσολαβήσουν απρόοπτα. Η επιτροπή συνεδρίασε χθες και ενέκρινε τα σχετικά μέτρα, τα οποία θα τεθούν εις εφαρμογήν αμέσως.

Αθήναι, 9. — Αι αρμόδιαι υπηρεσίαι ανεκοίνωσαν ότι αι εργασίαι συνεχίζονται κανονικώς εις όλας τας περιοχάς, συμφώνως προς τας αποφάσεις του αρμοδίου υπουργείου. Κατά τας πληροφορίας μας, αι σχετικαί ενέργειαι θα ολοκληρωθούν εντός των προσεχών ημερών, εφ' όσον δεν μεσολαβήσουν απρόοπτα. Η επιτροπή συνεδρίασε χθες και ενέκρινε τα σχετικά μέτρα, τα οποία θα τεθούν εις εφαρμογήν αμέσως.

Αθήναι, 9. — Αι αρμόδιαι υπηρεσίαι ανεκοίνωσαν ότι αι εργασίαι συνεχίζονται κανονικώς εις όλας τας περιοχάς, συμφώνως προς τας αποφάσεις του αρμοδίου υπουργείου. Κατά τας πληροφορίας μας, αι σχετικαί ενέργειαι θα ολοκληρωθούν εντός των προσεχών ημερών, εφ' όσον δεν μεσολαβήσουν απρόοπτα. Η επιτροπή συνεδρίασε χθες και ενέκρινε τα σχετικά μέτρα, τα οποία θα τεθούν εις εφαρμογήν αμέσως.

ΚΑΤΕΔΙΚΑΣΘΗ ΕΙΣ ΟΔΗΓΟΣ ΑΥΤΟΚΙΝΗΤΟΥ ΑΠΟΠΕΙΡΑΘΕΙΣ ΕΞΩ ΤΗΣ ΓΟΥΜΕΝΙΣΣΗΣ ΝΑ ΒΙΑΣΗ ΜΙΑΝ ΕΙΚΟΣΑΕΤΙΔΑ ΕΓΓΑΜΟΝ

Αθήναι, 9. — Αι αρμόδιαι υπηρεσίαι ανεκοίνωσαν ότι αι εργασίαι συνεχίζονται κανονικώς εις όλας τας περιοχάς, συμφώνως προς τας αποφάσεις του αρμοδίου υπουργείου. Κατά τας πληροφορίας μας, αι σχετικαί ενέργειαι θα ολοκληρωθούν εντός των προσεχών ημερών, εφ' όσον δεν μεσολαβήσουν απρόοπτα. Η επιτροπή συνεδρίασε χθες και ενέκρινε τα σχετικά μέτρα, τα οποία θα τεθούν εις εφαρμογήν αμέσως.

Αθήναι, 9. — Αι αρμόδιαι υπηρεσίαι ανεκοίνωσαν ότι αι εργασίαι συνεχίζονται κανονικώς εις όλας τας περιοχάς, συμφώνως προς τας αποφάσεις του αρμοδίου υπουργείου. Κατά τας πληροφορίας μας, αι σχετικαί ενέργειαι θα ολοκληρωθούν εντός των προσεχών ημερών, εφ' όσον δεν μεσολαβήσουν απρόοπτα. Η επιτροπή συνεδρίασε χθες και ενέκρινε τα σχετικά μέτρα, τα οποία θα τεθούν εις εφαρμογήν αμέσως.

Αθήναι, 9. — Αι αρμόδιαι υπηρεσίαι ανεκοίνωσαν ότι αι εργασίαι συνεχίζονται κανονικώς εις όλας τας περιοχάς, συμφώνως προς τας αποφάσεις του αρμοδίου υπουργείου. Κατά τας πληροφορίας μας, αι σχετικαί ενέργειαι θα ολοκληρωθούν εντός των προσεχών ημερών, εφ' όσον δεν μεσολαβήσουν απρόοπτα. Η επιτροπή συνεδρίασε χθες και ενέκρινε τα σχετικά μέτρα, τα οποία θα τεθούν εις εφαρμογήν αμέσως.

ΑΝΕΚΑΛΥΦΘΗ ΥΠΟ ΤΟΥ ΕΙΣΑΓΓΕΛΕΩΣ ΧΑΝΙΩΝ Ο ΔΡΑΣΤΗΣ ΤΗΣ ΕΝΑΝΤΙΟΝ ΤΟΥ ΕΠΙΘΕΣΕΩΣ ΚΑΙ ΕΣΧΗΜΑΤΙΣΘΗ ΚΑΤ' ΑΥΤΟΥ ΔΙΚΟΓΡΑΦΙΑ

Αθήναι, 9. — Αι αρμόδιαι υπηρεσίαι ανεκοίνωσαν ότι αι εργασίαι συνεχίζονται κανονικώς εις όλας τας περιοχάς, συμφώνως προς τας αποφάσεις του αρμοδίου υπουργείου. Κατά τας πληροφορίας μας, αι σχετικαί ενέργειαι θα ολοκληρωθούν εντός των προσεχών ημερών, εφ' όσον δεν μεσολαβήσουν απρόοπτα. Η επιτροπή συνεδρίασε χθες και ενέκρινε τα σχετικά μέτρα, τα οποία θα τεθούν εις εφαρμογήν αμέσως.

Αθήναι, 9. — Αι αρμόδιαι υπηρεσίαι ανεκοίνωσαν ότι αι εργασίαι συνεχίζονται κανονικώς εις όλας τας περιοχάς, συμφώνως προς τας αποφάσεις του αρμοδίου υπουργείου. Κατά τας πληροφορίας μας, αι σχετικαί ενέργειαι θα ολοκληρωθούν εντός των προσεχών ημερών, εφ' όσον δεν μεσολαβήσουν απρόοπτα. Η επιτροπή συνεδρίασε χθες και ενέκρινε τα σχετικά μέτρα, τα οποία θα τεθούν εις εφαρμογήν αμέσως.

Αθήναι, 9. — Αι αρμόδιαι υπηρεσίαι ανεκοίνωσαν ότι αι εργασίαι συνεχίζονται κανονικώς εις όλας τας περιοχάς, συμφώνως προς τας αποφάσεις του αρμοδίου υπουργείου. Κατά τας πληροφορίας μας, αι σχετικαί ενέργειαι θα ολοκληρωθούν εντός των προσεχών ημερών, εφ' όσον δεν μεσολαβήσουν απρόοπτα. Η επιτροπή συνεδρίασε χθες και ενέκρινε τα σχετικά μέτρα, τα οποία θα τεθούν εις εφαρμογήν αμέσως.

ΜΕ ΤΗΝ ΕΞΕΤΑΣΙΝ ΜΑΡΤΥΡΩΝ ΚΑΤΗΓΟΡΙΑΣ ΣΥΝΕΧΙΣΘΗ ΔΙΑ ΔΕΚΑΤΗΝ ΗΜΕΡΑΝ Η ΔΙΚΗ ΤΩΝ ΕΞ ΚΑΤΟΙΚΩΝ ΤΗΣ ΚΑΙΣΑΡΙΑΣ

Αθήναι, 9. — Αι αρμόδιαι υπηρεσίαι ανεκοίνωσαν ότι αι εργασίαι συνεχίζονται κανονικώς εις όλας τας περιοχάς, συμφώνως προς τας αποφάσεις του αρμοδίου υπουργείου. Κατά τας πληροφορίας μας, αι σχετικαί ενέργειαι θα ολοκληρωθούν εντός των προσεχών ημερών, εφ' όσον δεν μεσολαβήσουν απρόοπτα. Η επιτροπή συνεδρίασε χθες και ενέκρινε τα σχετικά μέτρα, τα οποία θα τεθούν εις εφαρμογήν αμέσως.

Αθήναι, 9. — Αι αρμόδιαι υπηρεσίαι ανεκοίνωσαν ότι αι εργασίαι συνεχίζονται κανονικώς εις όλας τας περιοχάς, συμφώνως προς τας αποφάσεις του αρμοδίου υπουργείου. Κατά τας πληροφορίας μας, αι σχετικαί ενέργειαι θα ολοκληρωθούν εντός των προσεχών ημερών, εφ' όσον δεν μεσολαβήσουν απρόοπτα. Η επιτροπή συνεδρίασε χθες και ενέκρινε τα σχετικά μέτρα, τα οποία θα τεθούν εις εφαρμογήν αμέσως.

Αθήναι, 9. — Αι αρμόδιαι υπηρεσίαι ανεκοίνωσαν ότι αι εργασίαι συνεχίζονται κανονικώς εις όλας τας περιοχάς, συμφώνως προς τας αποφάσεις του αρμοδίου υπουργείου. Κατά τας πληροφορίας μας, αι σχετικαί ενέργειαι θα ολοκληρωθούν εντός των προσεχών ημερών, εφ' όσον δεν μεσολαβήσουν απρόοπτα. Η επιτροπή συνεδρίασε χθες και ενέκρινε τα σχετικά μέτρα, τα οποία θα τεθούν εις εφαρμογήν αμέσως.

ΚΑΤΑΡΓΗΣΙΝ ΥΠΟΧΡΕΩΤΙΚΗΣ ΚΡΕΟΣΚΟΠΙΑΣ ΖΗΤΟΥΝ ΟΙ ΖΩΕΜΠΟΡΟΙ ΠΕΡΙΟΧΗΣ ΑΘΗΝΩΝ

Αθήναι, 9. — Αι αρμόδιαι υπηρεσίαι ανεκοίνωσαν ότι αι εργασίαι συνεχίζονται κανονικώς εις όλας τας περιοχάς, συμφώνως προς τας αποφάσεις του αρμοδίου υπουργείου. Κατά τας πληροφορίας μας, αι σχετικαί ενέργειαι θα ολοκληρωθούν εντός των προσεχών ημερών, εφ' όσον δεν μεσολαβήσουν απρόοπτα. Η επιτροπή συνεδρίασε χθες και ενέκρινε τα σχετικά μέτρα, τα οποία θα τεθούν εις εφαρμογήν αμέσως.

Αθήναι, 9. — Αι αρμόδιαι υπηρεσίαι ανεκοίνωσαν ότι αι εργασίαι συνεχίζονται κανονικώς εις όλας τας περιοχάς, συμφώνως προς τας αποφάσεις του αρμοδίου υπουργείου. Κατά τας πληροφορίας μας, αι σχετικαί ενέργειαι θα ολοκληρωθούν εντός των προσεχών ημερών, εφ' όσον δεν μεσολαβήσουν απρόοπτα. Η επιτροπή συνεδρίασε χθες και ενέκρινε τα σχετικά μέτρα, τα οποία θα τεθούν εις εφαρμογήν αμέσως.

ΥΠΟΣΧΕΘΕΙΣ ΓΑΜΟΝ ΚΑΙ «ΜΕΓΑΛΗΝ ΖΩΗΝ» ΕΞΕΜΕΤΑΛΛΕΥΕΤΟ ΝΕΑΝ ΕΠΙ ΜΙΑΝ ΤΕΤΡΑΕΤΙΑΝ

Αθήναι, 9. — Αι αρμόδιαι υπηρεσίαι ανεκοίνωσαν ότι αι εργασίαι συνεχίζονται κανονικώς εις όλας τας περιοχάς, συμφώνως προς τας αποφάσεις του αρμοδίου υπουργείου. Κατά τας πληροφορίας μας, αι σχετικαί ενέργειαι θα ολοκληρωθούν εντός των προσεχών ημερών, εφ' όσον δεν μεσολαβήσουν απρόοπτα. Η επιτροπή συνεδρίασε χθες και ενέκρινε τα σχετικά μέτρα, τα οποία θα τεθούν εις εφαρμογήν αμέσως.

Αθήναι, 9. — Αι αρμόδιαι υπηρεσίαι ανεκοίνωσαν ότι αι εργασίαι συνεχίζονται κανονικώς εις όλας τας περιοχάς, συμφώνως προς τας αποφάσεις του αρμοδίου υπουργείου. Κατά τας πληροφορίας μας, αι σχετικαί ενέργειαι θα ολοκληρωθούν εντός των προσεχών ημερών, εφ' όσον δεν μεσολαβήσουν απρόοπτα. Η επιτροπή συνεδρίασε χθες και ενέκρινε τα σχετικά μέτρα, τα οποία θα τεθούν εις εφαρμογήν αμέσως.

ΜΙΚΡΑΙ ΕΙΔΗΣΕΙΣ ΕΞ ΑΘΗΝΩΝ

Αθήναι, 9. — Αι αρμόδιαι υπηρεσίαι ανεκοίνωσαν ότι αι εργασίαι συνεχίζονται κανονικώς εις όλας τας περιοχάς, συμφώνως προς τας αποφάσεις του αρμοδίου υπουργείου. Κατά τας πληροφορίας μας, αι σχετικαί ενέργειαι θα ολοκληρωθούν εντός των προσεχών ημερών, εφ' όσον δεν μεσολαβήσουν απρόοπτα. Η επιτροπή συνεδρίασε χθες και ενέκρινε τα σχετικά μέτρα, τα οποία θα τεθούν εις εφαρμογήν αμέσως.

Αθήναι, 9. — Αι αρμόδιαι υπηρεσίαι ανεκοίνωσαν ότι αι εργασίαι συνεχίζονται κανονικώς εις όλας τας περιοχάς, συμφώνως προς τας αποφάσεις του αρμοδίου υπουργείου. Κατά τας πληροφορίας μας, αι σχετικαί ενέργειαι θα ολοκληρωθούν εντός των προσεχών ημερών, εφ' όσον δεν μεσολαβήσουν απρόοπτα. Η επιτροπή συνεδρίασε χθες και ενέκρινε τα σχετικά μέτρα, τα οποία θα τεθούν εις εφαρμογήν αμέσως.

Αθήναι, 9. — Αι αρμόδιαι υπηρεσίαι ανεκοίνωσαν ότι αι εργασίαι συνεχίζονται κανονικώς εις όλας τας περιοχάς, συμφώνως προς τας αποφάσεις του αρμοδίου υπουργείου. Κατά τας πληροφορίας μας, αι σχετικαί ενέργειαι θα ολοκληρωθούν εντός των προσεχών ημερών, εφ' όσον δεν μεσολαβήσουν απρόοπτα. Η επιτροπή συνεδρίασε χθες και ενέκρινε τα σχετικά μέτρα, τα οποία θα τεθούν εις εφαρμογήν αμέσως.
